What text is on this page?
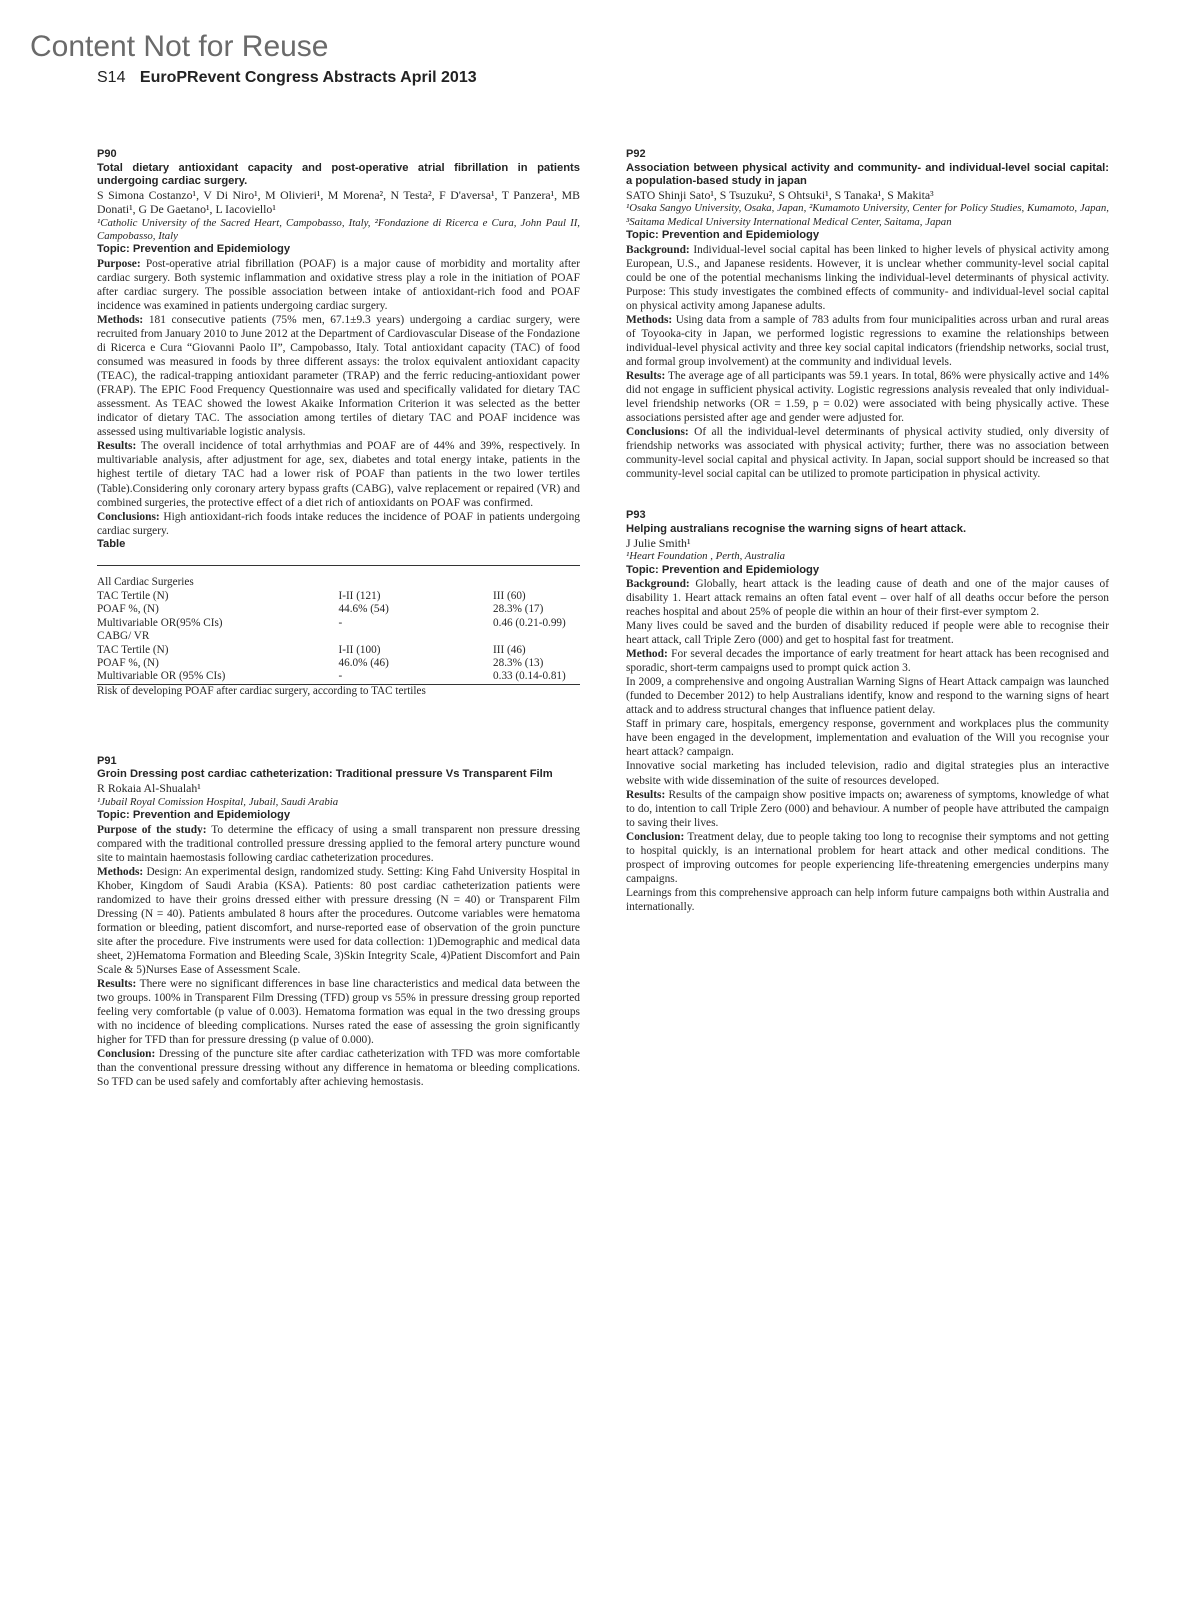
Content Not for Reuse
S14 EuroPRevent Congress Abstracts April 2013

P90

Total dietary antioxidant capacity and post-operative atrial fibrillation in patients undergoing cardiac surgery.

S Simona Costanzo¹, V Di Niro¹, M Olivieri¹, M Morena², N Testa², F D'aversa¹, T Panzera¹, MB Donati¹, G De Gaetano¹, L Iacoviello¹

¹Catholic University of the Sacred Heart, Campobasso, Italy, ²Fondazione di Ricerca e Cura, John Paul II, Campobasso, Italy

Topic: Prevention and Epidemiology

Purpose: Post-operative atrial fibrillation (POAF) is a major cause of morbidity and mortality after cardiac surgery. Both systemic inflammation and oxidative stress play a role in the initiation of POAF after cardiac surgery. The possible association between intake of antioxidant-rich food and POAF incidence was examined in patients undergoing cardiac surgery.

Methods: 181 consecutive patients (75% men, 67.1±9.3 years) undergoing a cardiac surgery, were recruited from January 2010 to June 2012 at the Department of Cardiovascular Disease of the Fondazione di Ricerca e Cura “Giovanni Paolo II”, Campobasso, Italy. Total antioxidant capacity (TAC) of food consumed was measured in foods by three different assays: the trolox equivalent antioxidant capacity (TEAC), the radical-trapping antioxidant parameter (TRAP) and the ferric reducing-antioxidant power (FRAP). The EPIC Food Frequency Questionnaire was used and specifically validated for dietary TAC assessment. As TEAC showed the lowest Akaike Information Criterion it was selected as the better indicator of dietary TAC. The association among tertiles of dietary TAC and POAF incidence was assessed using multivariable logistic analysis.

Results: The overall incidence of total arrhythmias and POAF are of 44% and 39%, respectively. In multivariable analysis, after adjustment for age, sex, diabetes and total energy intake, patients in the highest tertile of dietary TAC had a lower risk of POAF than patients in the two lower tertiles (Table).Considering only coronary artery bypass grafts (CABG), valve replacement or repaired (VR) and combined surgeries, the protective effect of a diet rich of antioxidants on POAF was confirmed.

Conclusions: High antioxidant-rich foods intake reduces the incidence of POAF in patients undergoing cardiac surgery.

Table

All Cardiac Surgeries		
TAC Tertile (N)	I-II (121)	III (60)
POAF %, (N)	44.6% (54)	28.3% (17)
Multivariable OR(95% CIs)	-	0.46 (0.21-0.99)
CABG/ VR		
TAC Tertile (N)	I-II (100)	III (46)
POAF %, (N)	46.0% (46)	28.3% (13)
Multivariable OR (95% CIs)	-	0.33 (0.14-0.81)

Risk of developing POAF after cardiac surgery, according to TAC tertiles

P91

Groin Dressing post cardiac catheterization: Traditional pressure Vs Transparent Film

R Rokaia Al-Shualah¹

¹Jubail Royal Comission Hospital, Jubail, Saudi Arabia

Topic: Prevention and Epidemiology

Purpose of the study: To determine the efficacy of using a small transparent non pressure dressing compared with the traditional controlled pressure dressing applied to the femoral artery puncture wound site to maintain haemostasis following cardiac catheterization procedures.

Methods: Design: An experimental design, randomized study. Setting: King Fahd University Hospital in Khober, Kingdom of Saudi Arabia (KSA). Patients: 80 post cardiac catheterization patients were randomized to have their groins dressed either with pressure dressing (N = 40) or Transparent Film Dressing (N = 40). Patients ambulated 8 hours after the procedures. Outcome variables were hematoma formation or bleeding, patient discomfort, and nurse-reported ease of observation of the groin puncture site after the procedure. Five instruments were used for data collection: 1)Demographic and medical data sheet, 2)Hematoma Formation and Bleeding Scale, 3)Skin Integrity Scale, 4)Patient Discomfort and Pain Scale & 5)Nurses Ease of Assessment Scale.

Results: There were no significant differences in base line characteristics and medical data between the two groups. 100% in Transparent Film Dressing (TFD) group vs 55% in pressure dressing group reported feeling very comfortable (p value of 0.003). Hematoma formation was equal in the two dressing groups with no incidence of bleeding complications. Nurses rated the ease of assessing the groin significantly higher for TFD than for pressure dressing (p value of 0.000).

Conclusion: Dressing of the puncture site after cardiac catheterization with TFD was more comfortable than the conventional pressure dressing without any difference in hematoma or bleeding complications. So TFD can be used safely and comfortably after achieving hemostasis.

P92

Association between physical activity and community- and individual-level social capital: a population-based study in japan

SATO Shinji Sato¹, S Tsuzuku², S Ohtsuki¹, S Tanaka¹, S Makita³

¹Osaka Sangyo University, Osaka, Japan, ²Kumamoto University, Center for Policy Studies, Kumamoto, Japan, ³Saitama Medical University International Medical Center, Saitama, Japan

Topic: Prevention and Epidemiology

Background: Individual-level social capital has been linked to higher levels of physical activity among European, U.S., and Japanese residents. However, it is unclear whether community-level social capital could be one of the potential mechanisms linking the individual-level determinants of physical activity. Purpose: This study investigates the combined effects of community- and individual-level social capital on physical activity among Japanese adults.

Methods: Using data from a sample of 783 adults from four municipalities across urban and rural areas of Toyooka-city in Japan, we performed logistic regressions to examine the relationships between individual-level physical activity and three key social capital indicators (friendship networks, social trust, and formal group involvement) at the community and individual levels.

Results: The average age of all participants was 59.1 years. In total, 86% were physically active and 14% did not engage in sufficient physical activity. Logistic regressions analysis revealed that only individual-level friendship networks (OR = 1.59, p = 0.02) were associated with being physically active. These associations persisted after age and gender were adjusted for.

Conclusions: Of all the individual-level determinants of physical activity studied, only diversity of friendship networks was associated with physical activity; further, there was no association between community-level social capital and physical activity. In Japan, social support should be increased so that community-level social capital can be utilized to promote participation in physical activity.

P93

Helping australians recognise the warning signs of heart attack.

J Julie Smith¹

¹Heart Foundation , Perth, Australia

Topic: Prevention and Epidemiology

Background: Globally, heart attack is the leading cause of death and one of the major causes of disability 1. Heart attack remains an often fatal event – over half of all deaths occur before the person reaches hospital and about 25% of people die within an hour of their first-ever symptom 2.

Many lives could be saved and the burden of disability reduced if people were able to recognise their heart attack, call Triple Zero (000) and get to hospital fast for treatment.

Method: For several decades the importance of early treatment for heart attack has been recognised and sporadic, short-term campaigns used to prompt quick action 3.

In 2009, a comprehensive and ongoing Australian Warning Signs of Heart Attack campaign was launched (funded to December 2012) to help Australians identify, know and respond to the warning signs of heart attack and to address structural changes that influence patient delay.

Staff in primary care, hospitals, emergency response, government and workplaces plus the community have been engaged in the development, implementation and evaluation of the Will you recognise your heart attack? campaign.

Innovative social marketing has included television, radio and digital strategies plus an interactive website with wide dissemination of the suite of resources developed.

Results: Results of the campaign show positive impacts on; awareness of symptoms, knowledge of what to do, intention to call Triple Zero (000) and behaviour. A number of people have attributed the campaign to saving their lives.

Conclusion: Treatment delay, due to people taking too long to recognise their symptoms and not getting to hospital quickly, is an international problem for heart attack and other medical conditions. The prospect of improving outcomes for people experiencing life-threatening emergencies underpins many campaigns.

Learnings from this comprehensive approach can help inform future campaigns both within Australia and internationally.
